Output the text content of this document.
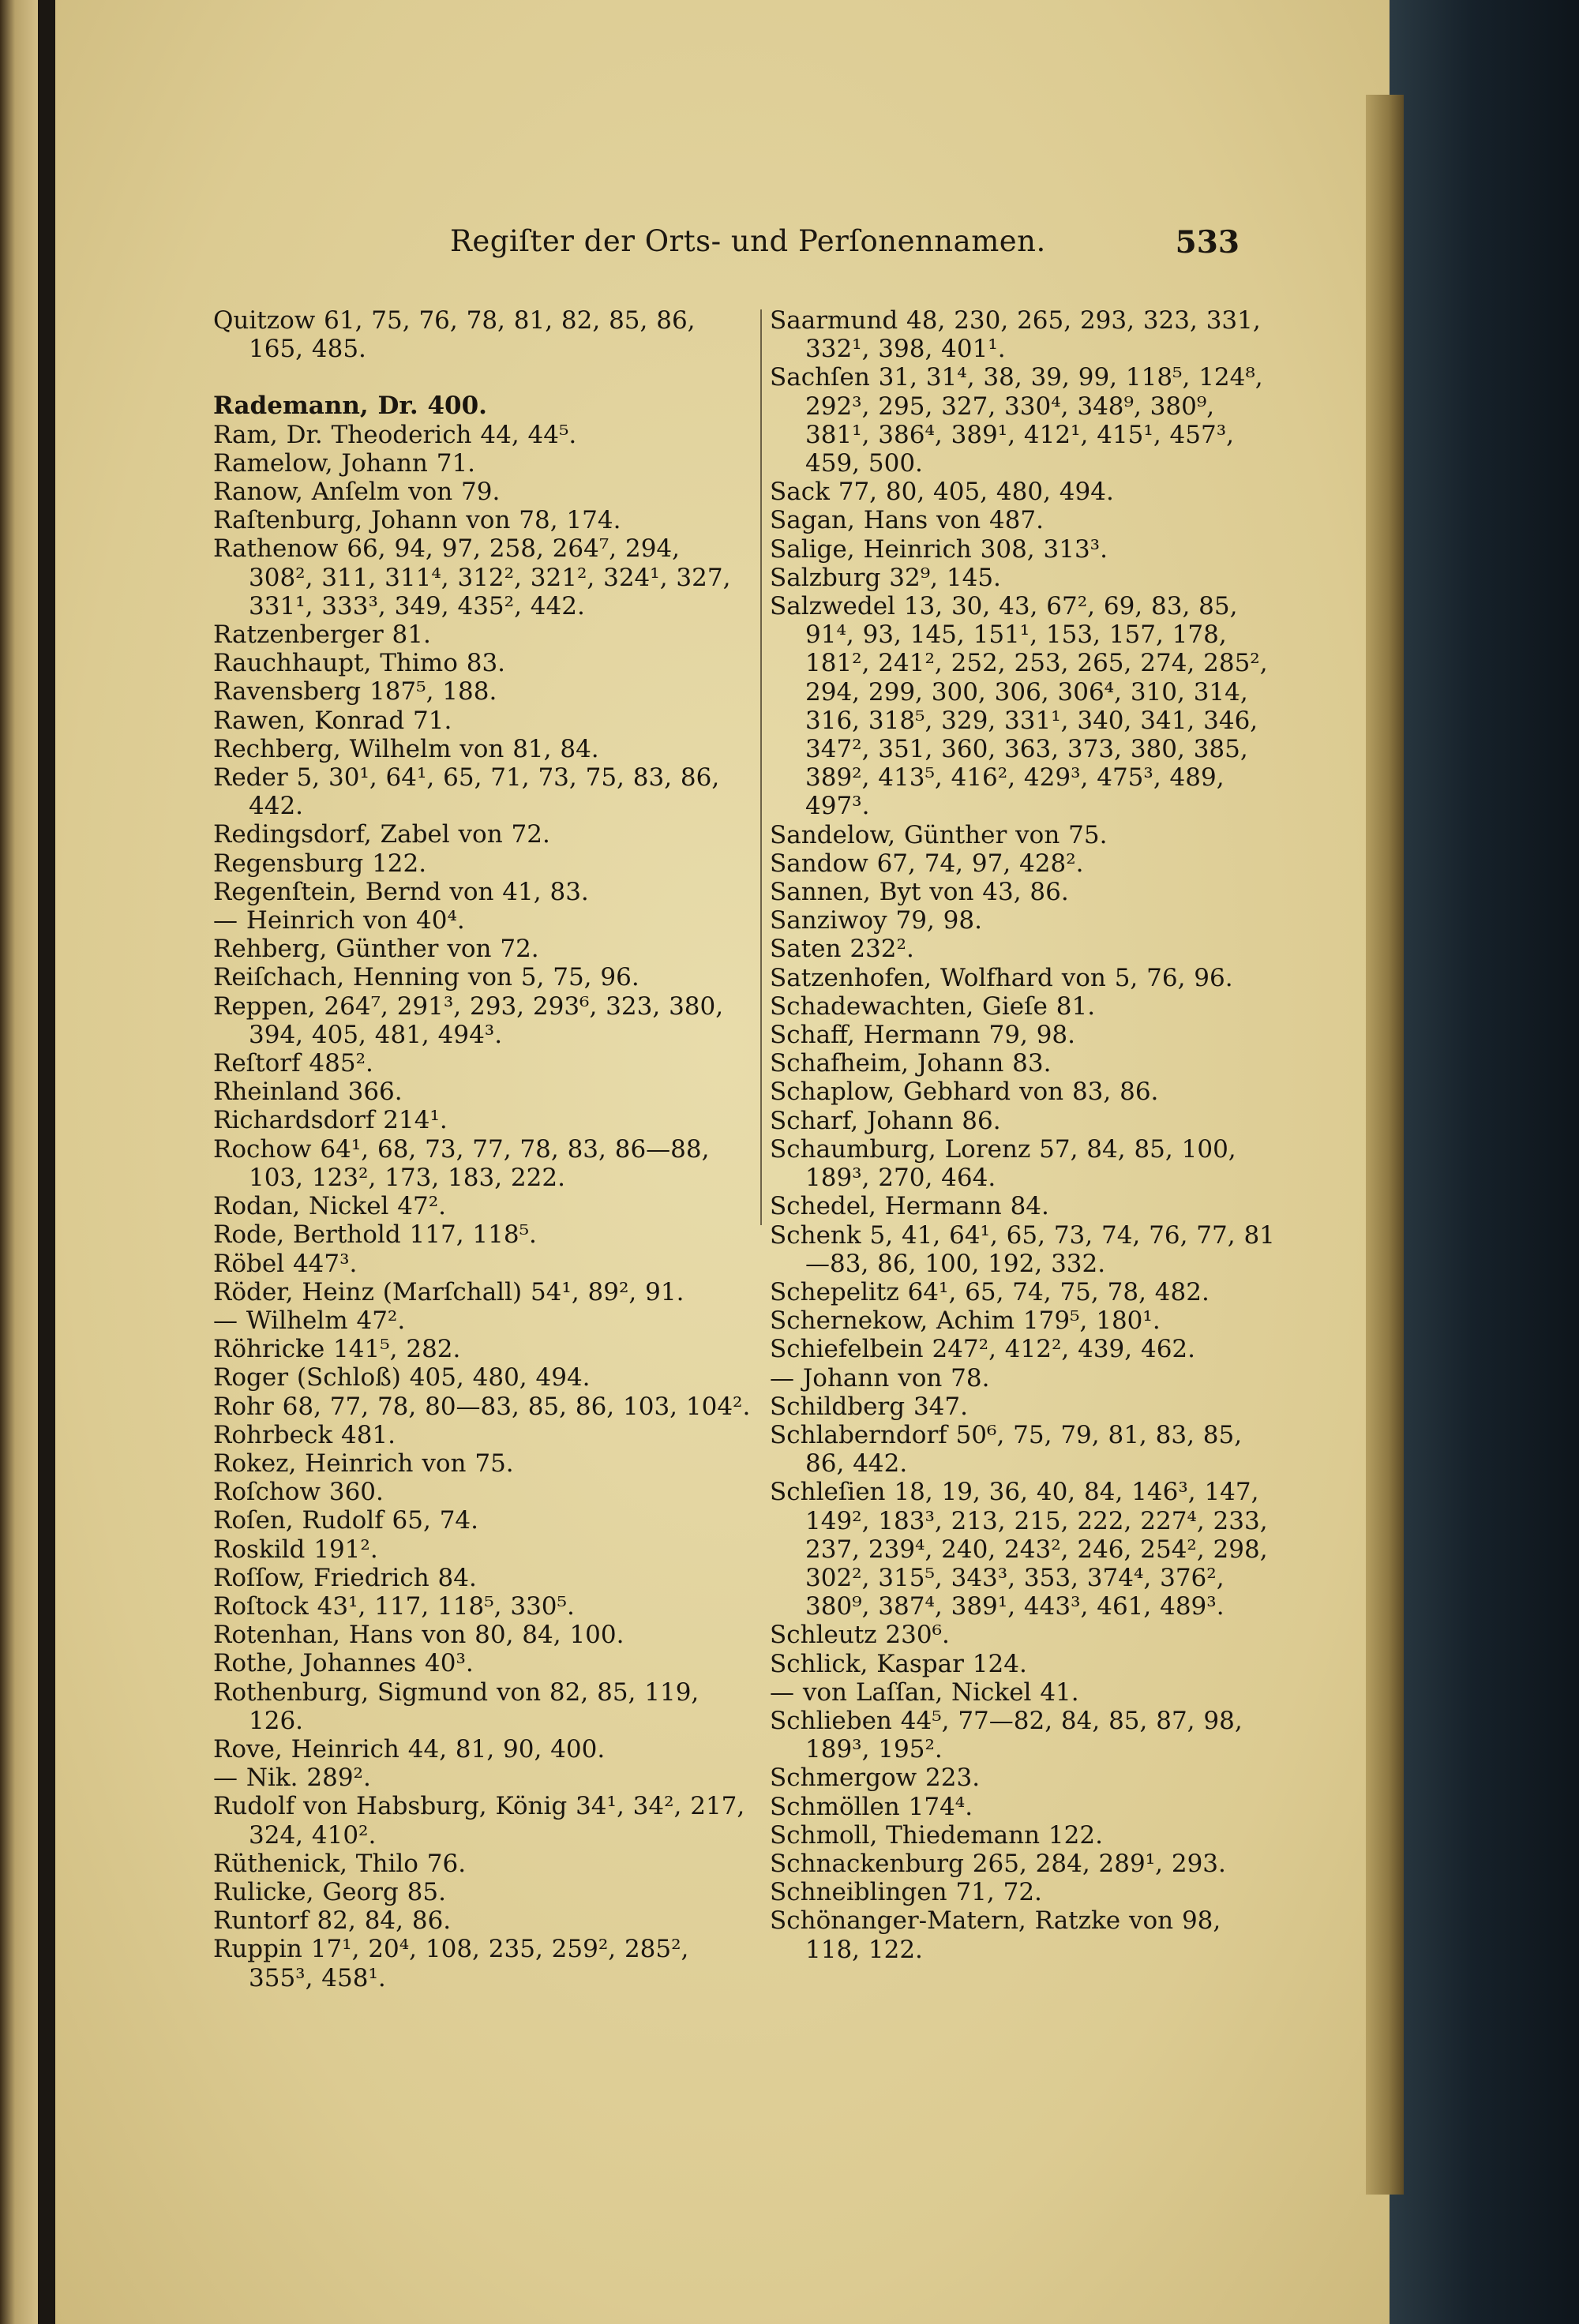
Regiſter der Orts- und Perſonennamen.	533

Quitzow 61, 75, 76, 78, 81, 82, 85, 86, 165, 485.

Rademann, Dr. 400.

Ram, Dr. Theoderich 44, 44⁵.

Ramelow, Johann 71.

Ranow, Anſelm von 79.

Raſtenburg, Johann von 78, 174.

Rathenow 66, 94, 97, 258, 264⁷, 294, 308², 311, 311⁴, 312², 321², 324¹, 327, 331¹, 333³, 349, 435², 442.

Ratzenberger 81.

Rauchhaupt, Thimo 83.

Ravensberg 187⁵, 188.

Rawen, Konrad 71.

Rechberg, Wilhelm von 81, 84.

Reder 5, 30¹, 64¹, 65, 71, 73, 75, 83, 86, 442.

Redingsdorf, Zabel von 72.

Regensburg 122.

Regenſtein, Bernd von 41, 83.

— Heinrich von 40⁴.

Rehberg, Günther von 72.

Reiſchach, Henning von 5, 75, 96.

Reppen, 264⁷, 291³, 293, 293⁶, 323, 380, 394, 405, 481, 494³.

Reſtorf 485².

Rheinland 366.

Richardsdorf 214¹.

Rochow 64¹, 68, 73, 77, 78, 83, 86—88, 103, 123², 173, 183, 222.

Rodan, Nickel 47².

Rode, Berthold 117, 118⁵.

Röbel 447³.

Röder, Heinz (Marſchall) 54¹, 89², 91.

— Wilhelm 47².

Röhricke 141⁵, 282.

Roger (Schloß) 405, 480, 494.

Rohr 68, 77, 78, 80—83, 85, 86, 103, 104².

Rohrbeck 481.

Rokez, Heinrich von 75.

Roſchow 360.

Roſen, Rudolf 65, 74.

Roskild 191².

Roſſow, Friedrich 84.

Roſtock 43¹, 117, 118⁵, 330⁵.

Rotenhan, Hans von 80, 84, 100.

Rothe, Johannes 40³.

Rothenburg, Sigmund von 82, 85, 119, 126.

Rove, Heinrich 44, 81, 90, 400.

— Nik. 289².

Rudolf von Habsburg, König 34¹, 34², 217, 324, 410².

Rüthenick, Thilo 76.

Rulicke, Georg 85.

Runtorf 82, 84, 86.

Ruppin 17¹, 20⁴, 108, 235, 259², 285², 355³, 458¹.

Saarmund 48, 230, 265, 293, 323, 331, 332¹, 398, 401¹.

Sachſen 31, 31⁴, 38, 39, 99, 118⁵, 124⁸, 292³, 295, 327, 330⁴, 348⁹, 380⁹, 381¹, 386⁴, 389¹, 412¹, 415¹, 457³, 459, 500.

Sack 77, 80, 405, 480, 494.

Sagan, Hans von 487.

Salige, Heinrich 308, 313³.

Salzburg 32⁹, 145.

Salzwedel 13, 30, 43, 67², 69, 83, 85, 91⁴, 93, 145, 151¹, 153, 157, 178, 181², 241², 252, 253, 265, 274, 285², 294, 299, 300, 306, 306⁴, 310, 314, 316, 318⁵, 329, 331¹, 340, 341, 346, 347², 351, 360, 363, 373, 380, 385, 389², 413⁵, 416², 429³, 475³, 489, 497³.

Sandelow, Günther von 75.

Sandow 67, 74, 97, 428².

Sannen, Byt von 43, 86.

Sanziwoy 79, 98.

Saten 232².

Satzenhofen, Wolfhard von 5, 76, 96.

Schadewachten, Gieſe 81.

Schaff, Hermann 79, 98.

Schafheim, Johann 83.

Schaplow, Gebhard von 83, 86.

Scharf, Johann 86.

Schaumburg, Lorenz 57, 84, 85, 100, 189³, 270, 464.

Schedel, Hermann 84.

Schenk 5, 41, 64¹, 65, 73, 74, 76, 77, 81—83, 86, 100, 192, 332.

Schepelitz 64¹, 65, 74, 75, 78, 482.

Schernekow, Achim 179⁵, 180¹.

Schiefelbein 247², 412², 439, 462.

— Johann von 78.

Schildberg 347.

Schlaberndorf 50⁶, 75, 79, 81, 83, 85, 86, 442.

Schleſien 18, 19, 36, 40, 84, 146³, 147, 149², 183³, 213, 215, 222, 227⁴, 233, 237, 239⁴, 240, 243², 246, 254², 298, 302², 315⁵, 343³, 353, 374⁴, 376², 380⁹, 387⁴, 389¹, 443³, 461, 489³.

Schleutz 230⁶.

Schlick, Kaspar 124.

— von Laſſan, Nickel 41.

Schlieben 44⁵, 77—82, 84, 85, 87, 98, 189³, 195².

Schmergow 223.

Schmöllen 174⁴.

Schmoll, Thiedemann 122.

Schnackenburg 265, 284, 289¹, 293.

Schneiblingen 71, 72.

Schönanger-Matern, Ratzke von 98, 118, 122.
